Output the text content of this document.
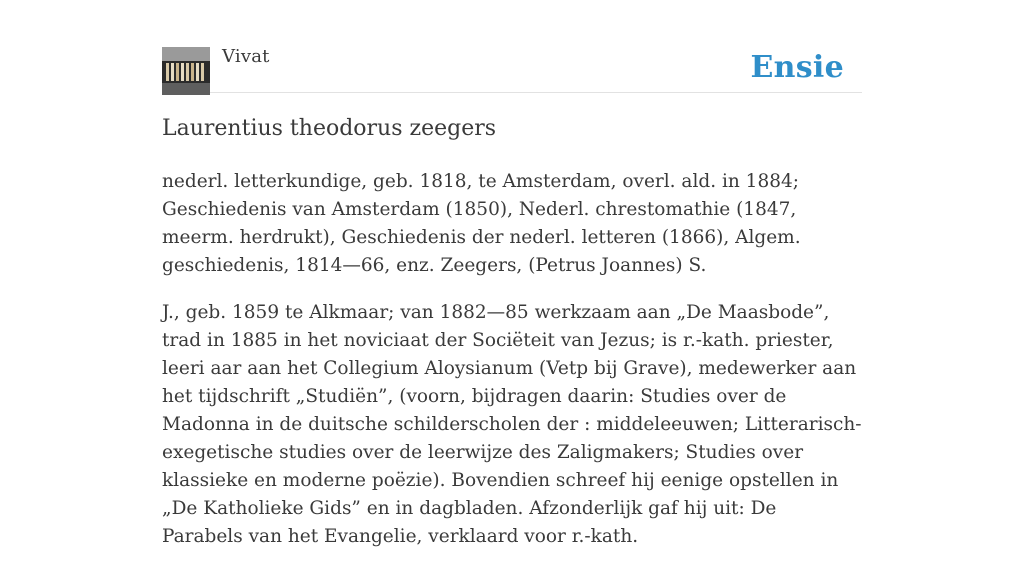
Vivat	Ensie
Laurentius theodorus zeegers

nederl. letterkundige, geb. 1818, te Amsterdam, overl. ald. in 1884; Geschiedenis van Amsterdam (1850), Nederl. chrestomathie (1847, meerm. herdrukt), Geschiedenis der nederl. letteren (1866), Algem. geschiedenis, 1814—66, enz. Zeegers, (Petrus Joannes) S.

J., geb. 1859 te Alkmaar; van 1882—85 werkzaam aan „De Maasbode”, trad in 1885 in het noviciaat der Sociëteit van Jezus; is r.-kath. priester, leeri aar aan het Collegium Aloysianum (Vetp bij Grave), medewerker aan het tijdschrift „Studiën”, (voorn, bijdragen daarin: Studies over de Madonna in de duitsche schilderscholen der : middeleeuwen; Litterarisch-exegetische studies over de leerwijze des Zaligmakers; Studies over klassieke en moderne poëzie). Bovendien schreef hij eenige opstellen in „De Katholieke Gids” en in dagbladen. Afzonderlijk gaf hij uit: De Parabels van het Evangelie, verklaard voor r.-kath.
